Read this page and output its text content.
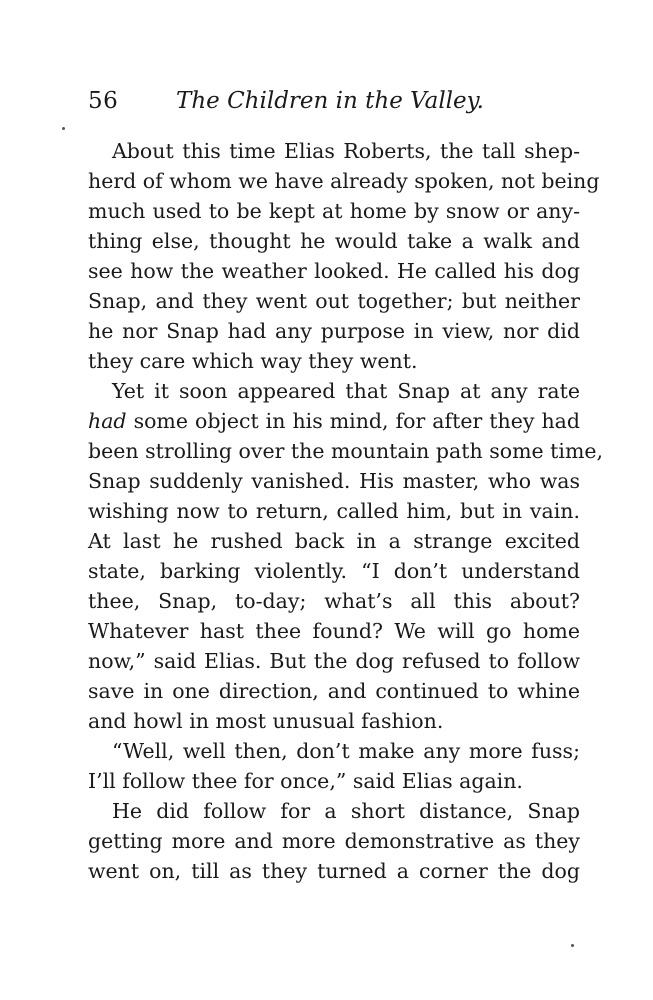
56	The Children in the Valley.
About this time Elias Roberts, the tall shep-
herd of whom we have already spoken, not being
much used to be kept at home by snow or any-
thing else, thought he would take a walk and
see how the weather looked. He called his dog
Snap, and they went out together; but neither
he nor Snap had any purpose in view, nor did
they care which way they went.
Yet it soon appeared that Snap at any rate
had some object in his mind, for after they had
been strolling over the mountain path some time,
Snap suddenly vanished. His master, who was
wishing now to return, called him, but in vain.
At last he rushed back in a strange excited
state, barking violently. “I don’t understand
thee, Snap, to-day; what’s all this about?
Whatever hast thee found? We will go home
now,” said Elias. But the dog refused to follow
save in one direction, and continued to whine
and howl in most unusual fashion.
“Well, well then, don’t make any more fuss;
I’ll follow thee for once,” said Elias again.
He did follow for a short distance, Snap
getting more and more demonstrative as they
went on, till as they turned a corner the dog
